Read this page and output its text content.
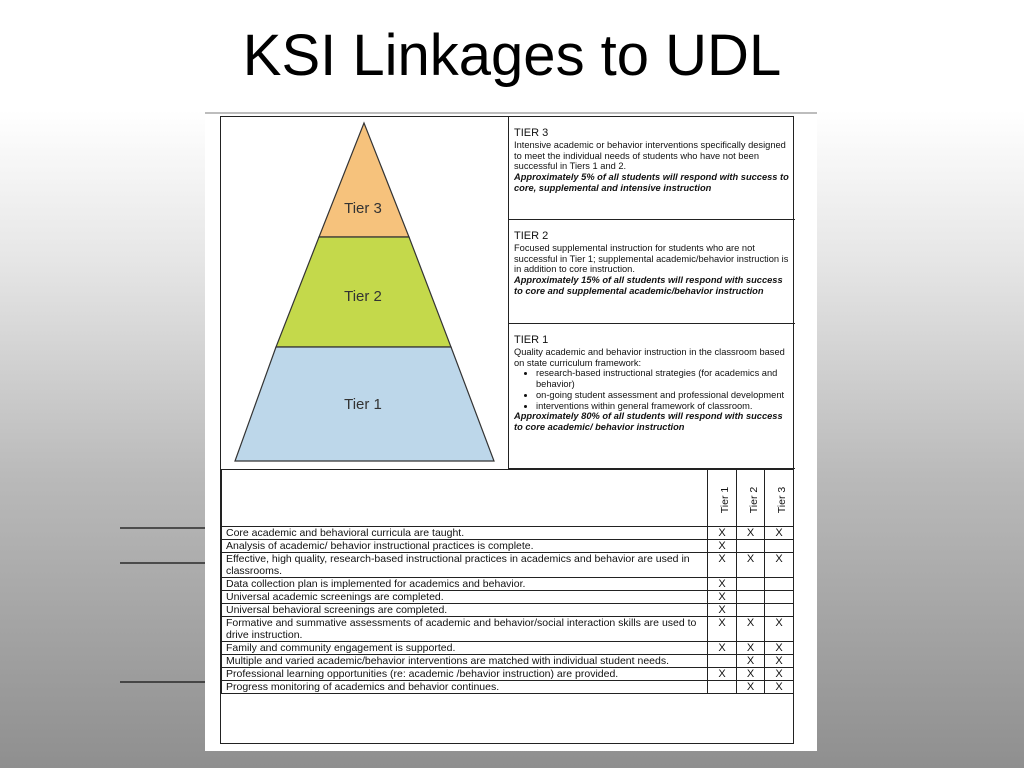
KSI Linkages to UDL
Tier 3
Tier 2
Tier 1
TIER 3
Intensive academic or behavior interventions specifically designed to meet the individual needs of students who have not been successful in Tiers 1 and 2.
Approximately 5% of all students will respond with success to core, supplemental and intensive instruction
TIER 2
Focused supplemental instruction for students who are not successful in Tier 1; supplemental academic/behavior instruction is in addition to core instruction.
Approximately 15% of all students will respond with success to core and supplemental academic/behavior instruction
TIER 1
Quality academic and behavior instruction in the classroom based on state curriculum framework:
• research-based instructional strategies (for academics and behavior)
• on-going student assessment and professional development
• interventions within general framework of classroom.
Approximately 80% of all students will respond with success to core academic/ behavior instruction
	Tier 1	Tier 2	Tier 3
Core academic and behavioral curricula are taught.	X	X	X
Analysis of academic/ behavior instructional practices is complete.	X		
Effective, high quality, research-based instructional practices in academics and behavior are used in classrooms.	X	X	X
Data collection plan is implemented for academics and behavior.	X		
Universal academic screenings are completed.	X		
Universal behavioral screenings are completed.	X		
Formative and summative assessments of academic and behavior/social interaction skills are used to drive instruction.	X	X	X
Family and community engagement is supported.	X	X	X
Multiple and varied academic/behavior interventions are matched with individual student needs.		X	X
Professional learning opportunities (re: academic /behavior instruction) are provided.	X	X	X
Progress monitoring of academics and behavior continues.		X	X
